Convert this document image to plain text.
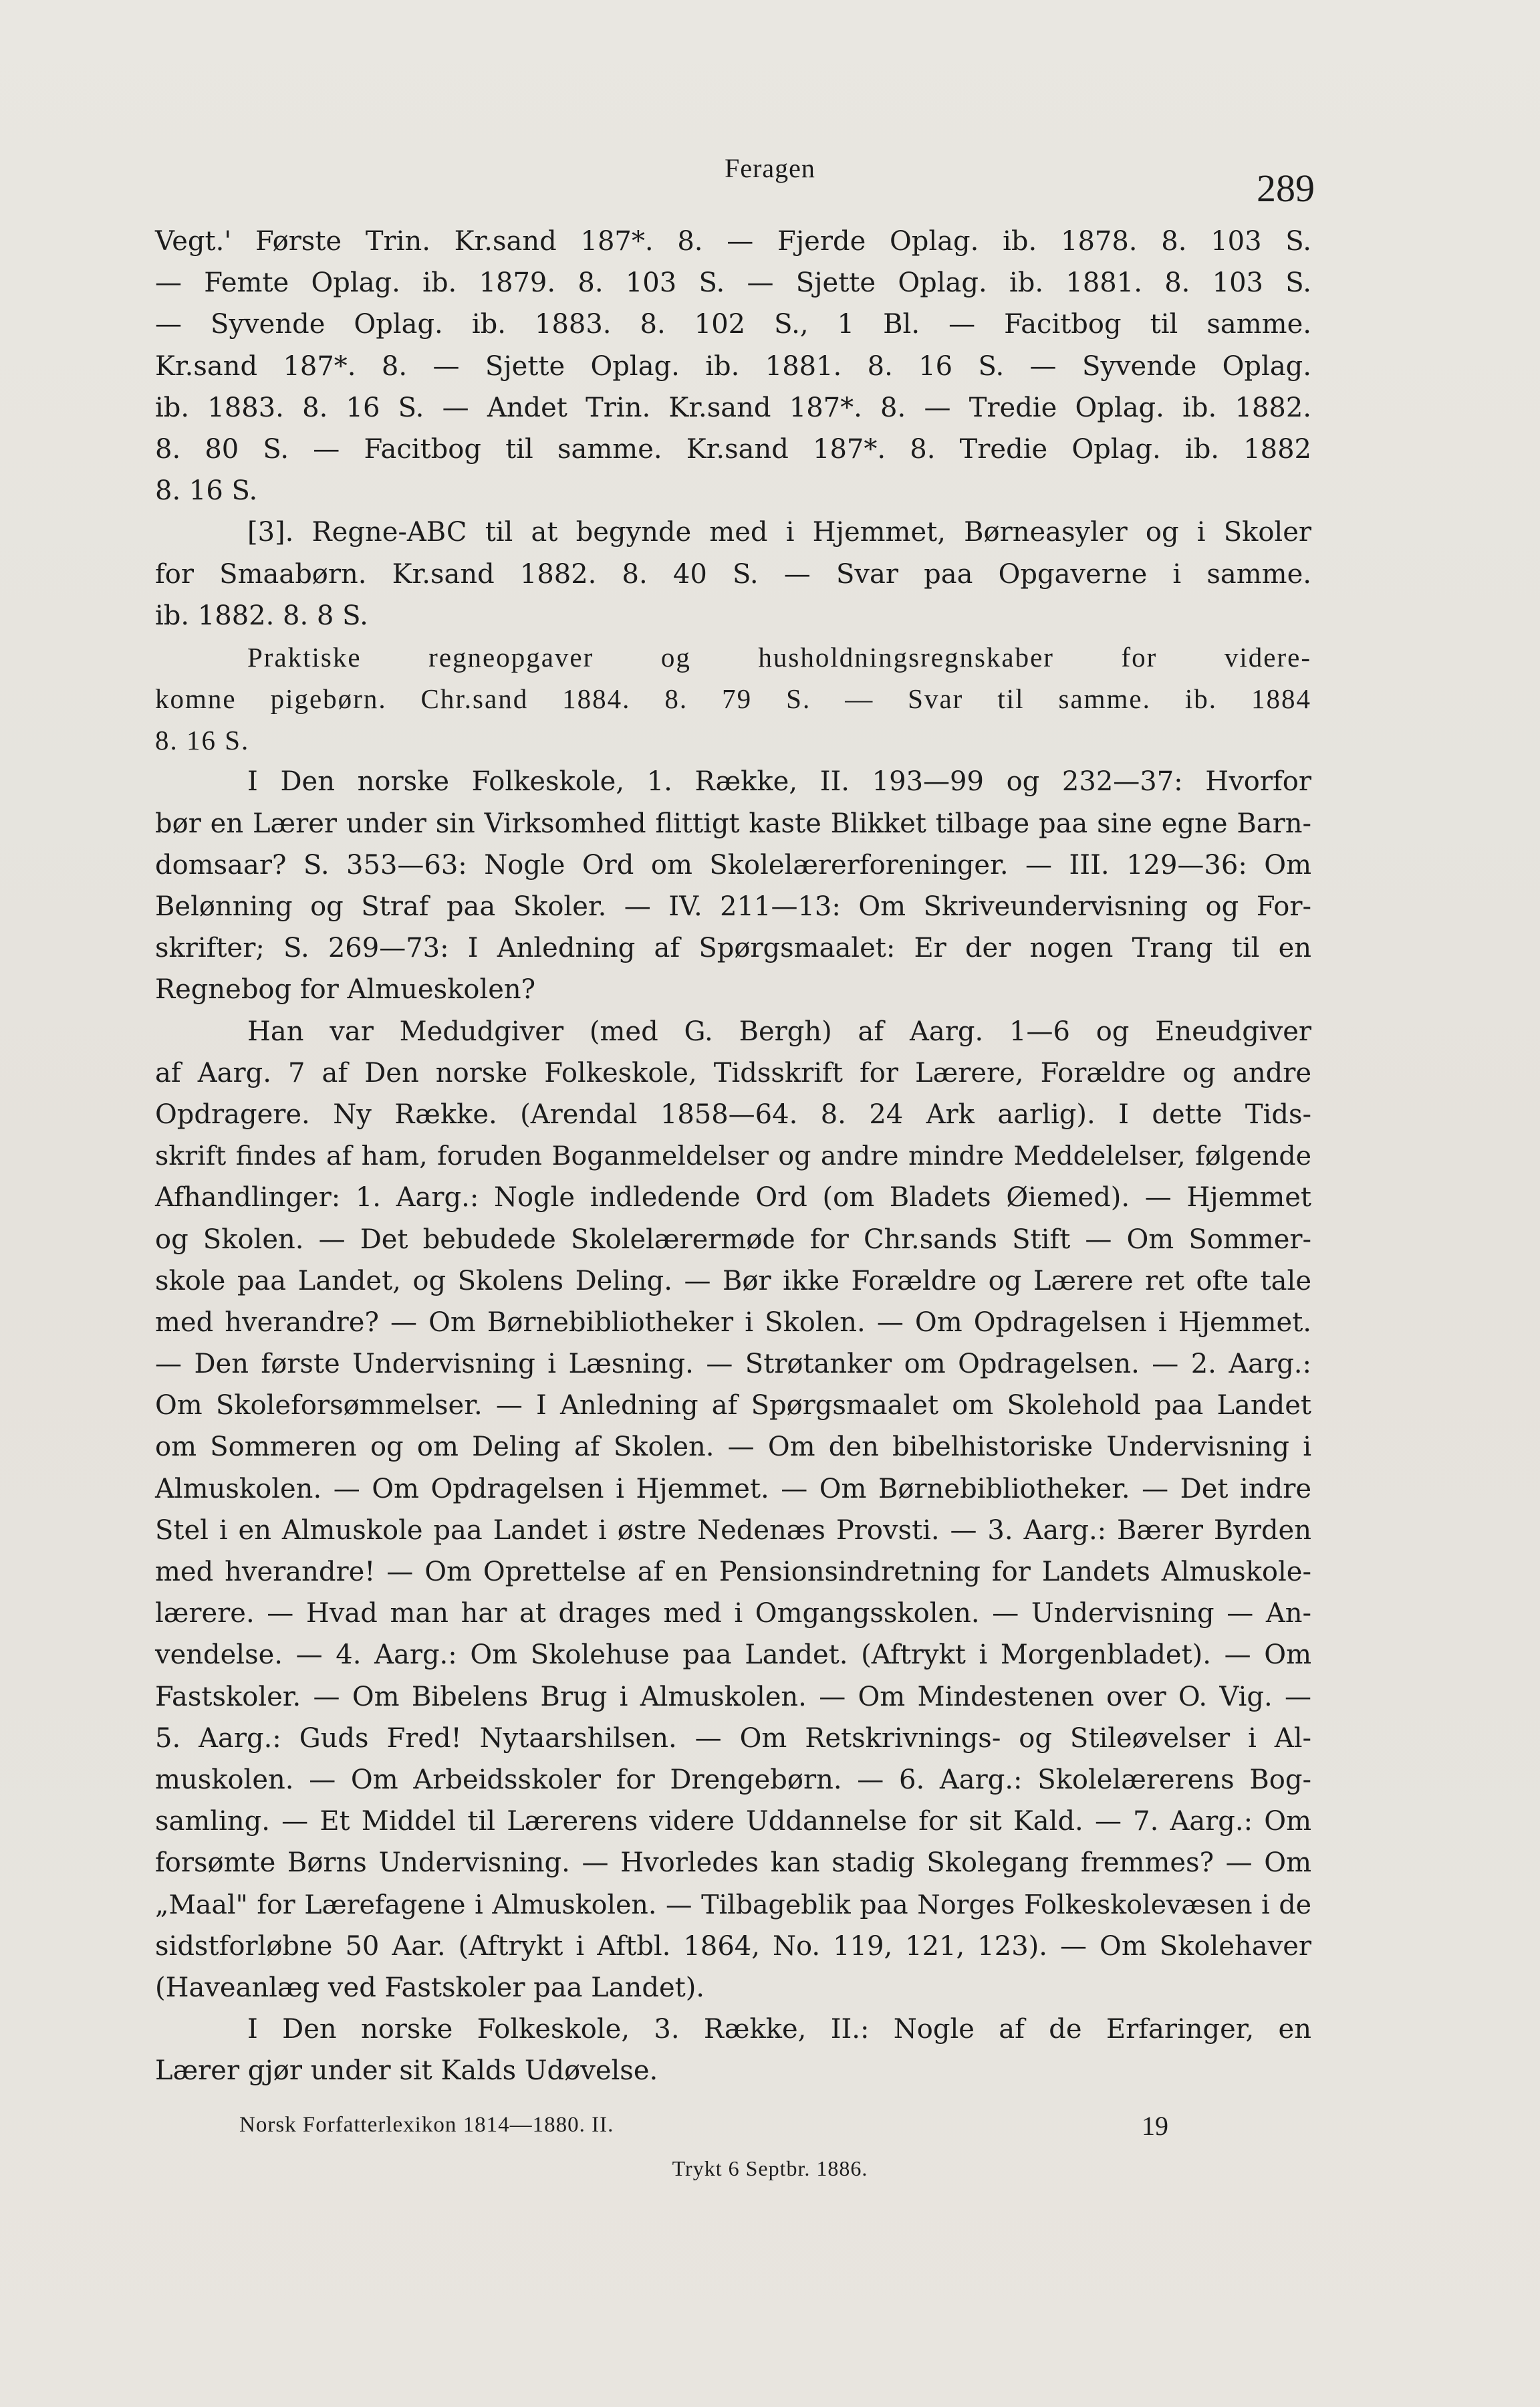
Feragen	289
Vegt.' Første Trin. Kr.sand 187*. 8. — Fjerde Oplag. ib. 1878. 8. 103 S.
— Femte Oplag. ib. 1879. 8. 103 S. — Sjette Oplag. ib. 1881. 8. 103 S.
— Syvende Oplag. ib. 1883. 8. 102 S., 1 Bl. — Facitbog til samme.
Kr.sand 187*. 8. — Sjette Oplag. ib. 1881. 8. 16 S. — Syvende Oplag.
ib. 1883. 8. 16 S. — Andet Trin. Kr.sand 187*. 8. — Tredie Oplag. ib. 1882.
8. 80 S. — Facitbog til samme. Kr.sand 187*. 8. Tredie Oplag. ib. 1882
8. 16 S.
[3]. Regne-ABC til at begynde med i Hjemmet, Børneasyler og i Skoler
for Smaabørn. Kr.sand 1882. 8. 40 S. — Svar paa Opgaverne i samme.
ib. 1882. 8. 8 S.
Praktiske regneopgaver og husholdningsregnskaber for videre-
komne pigebørn. Chr.sand 1884. 8. 79 S. — Svar til samme. ib. 1884
8. 16 S.
I Den norske Folkeskole, 1. Række, II. 193—99 og 232—37: Hvorfor
bør en Lærer under sin Virksomhed flittigt kaste Blikket tilbage paa sine egne Barn-
domsaar? S. 353—63: Nogle Ord om Skolelærerforeninger. — III. 129—36: Om
Belønning og Straf paa Skoler. — IV. 211—13: Om Skriveundervisning og For-
skrifter; S. 269—73: I Anledning af Spørgsmaalet: Er der nogen Trang til en
Regnebog for Almueskolen?
Han var Medudgiver (med G. Bergh) af Aarg. 1—6 og Eneudgiver
af Aarg. 7 af Den norske Folkeskole, Tidsskrift for Lærere, Forældre og andre
Opdragere. Ny Række. (Arendal 1858—64. 8. 24 Ark aarlig). I dette Tids-
skrift findes af ham, foruden Boganmeldelser og andre mindre Meddelelser, følgende
Afhandlinger: 1. Aarg.: Nogle indledende Ord (om Bladets Øiemed). — Hjemmet
og Skolen. — Det bebudede Skolelærermøde for Chr.sands Stift — Om Sommer-
skole paa Landet, og Skolens Deling. — Bør ikke Forældre og Lærere ret ofte tale
med hverandre? — Om Børnebibliotheker i Skolen. — Om Opdragelsen i Hjemmet.
— Den første Undervisning i Læsning. — Strøtanker om Opdragelsen. — 2. Aarg.:
Om Skoleforsømmelser. — I Anledning af Spørgsmaalet om Skolehold paa Landet
om Sommeren og om Deling af Skolen. — Om den bibelhistoriske Undervisning i
Almuskolen. — Om Opdragelsen i Hjemmet. — Om Børnebibliotheker. — Det indre
Stel i en Almuskole paa Landet i østre Nedenæs Provsti. — 3. Aarg.: Bærer Byrden
med hverandre! — Om Oprettelse af en Pensionsindretning for Landets Almuskole-
lærere. — Hvad man har at drages med i Omgangsskolen. — Undervisning — An-
vendelse. — 4. Aarg.: Om Skolehuse paa Landet. (Aftrykt i Morgenbladet). — Om
Fastskoler. — Om Bibelens Brug i Almuskolen. — Om Mindestenen over O. Vig. —
5. Aarg.: Guds Fred! Nytaarshilsen. — Om Retskrivnings- og Stileøvelser i Al-
muskolen. — Om Arbeidsskoler for Drengebørn. — 6. Aarg.: Skolelærerens Bog-
samling. — Et Middel til Lærerens videre Uddannelse for sit Kald. — 7. Aarg.: Om
forsømte Børns Undervisning. — Hvorledes kan stadig Skolegang fremmes? — Om
„Maal" for Lærefagene i Almuskolen. — Tilbageblik paa Norges Folkeskolevæsen i de
sidstforløbne 50 Aar. (Aftrykt i Aftbl. 1864, No. 119, 121, 123). — Om Skolehaver
(Haveanlæg ved Fastskoler paa Landet).
I Den norske Folkeskole, 3. Række, II.: Nogle af de Erfaringer, en
Lærer gjør under sit Kalds Udøvelse.
Norsk Forfatterlexikon 1814—1880. II.	19
Trykt 6 Septbr. 1886.
